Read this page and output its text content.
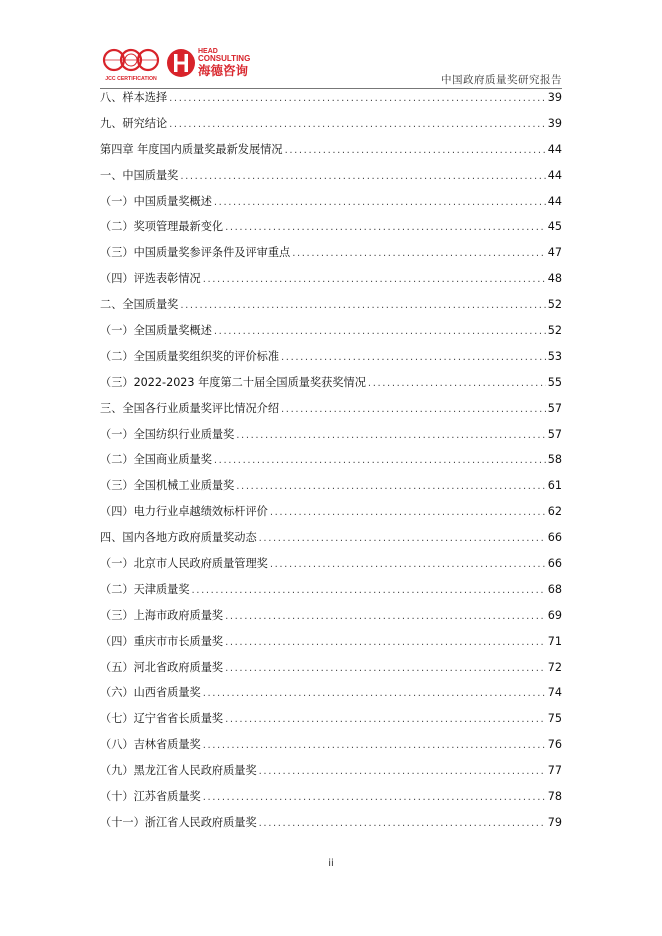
JCC CERTIFICATION
HEAD
CONSULTING
海德咨询
中国政府质量奖研究报告
八、样本选择 .....	39
九、研究结论 .....	39
第四章 年度国内质量奖最新发展情况 .....	44
一、中国质量奖 .....	44
（一）中国质量奖概述 .....	44
（二）奖项管理最新变化 .....	45
（三）中国质量奖参评条件及评审重点 .....	47
（四）评选表彰情况 .....	48
二、全国质量奖 .....	52
（一）全国质量奖概述 .....	52
（二）全国质量奖组织奖的评价标准 .....	53
（三）2022-2023 年度第二十届全国质量奖获奖情况 .....	55
三、全国各行业质量奖评比情况介绍 .....	57
（一）全国纺织行业质量奖 .....	57
（二）全国商业质量奖 .....	58
（三）全国机械工业质量奖 .....	61
（四）电力行业卓越绩效标杆评价 .....	62
四、国内各地方政府质量奖动态 .....	66
（一）北京市人民政府质量管理奖 .....	66
（二）天津质量奖 .....	68
（三）上海市政府质量奖 .....	69
（四）重庆市市长质量奖 .....	71
（五）河北省政府质量奖 .....	72
（六）山西省质量奖 .....	74
（七）辽宁省省长质量奖 .....	75
（八）吉林省质量奖 .....	76
（九）黑龙江省人民政府质量奖 .....	77
（十）江苏省质量奖 .....	78
（十一）浙江省人民政府质量奖 .....	79
ii
